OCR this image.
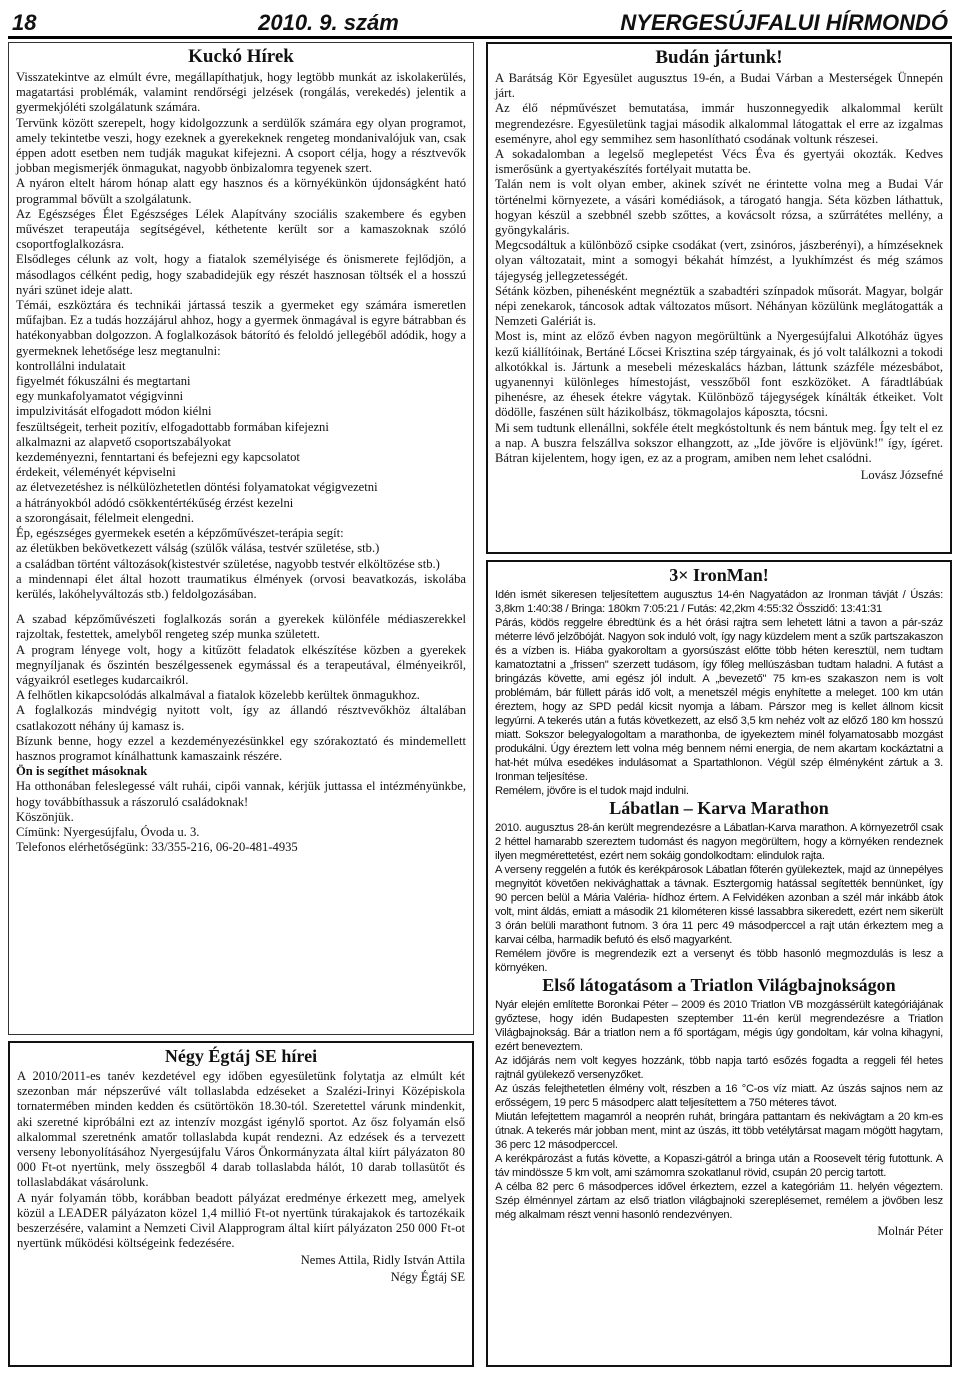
18	2010. 9. szám	NYERGESÚJFALUI HÍRMONDÓ
Kuckó Hírek

Visszatekintve az elmúlt évre, megállapíthatjuk, hogy legtöbb munkát az iskolakerülés, magatartási problémák, valamint rendőrségi jelzések (rongálás, verekedés) jelentik a gyermekjóléti szolgálatunk számára.

Tervünk között szerepelt, hogy kidolgozzunk a serdülők számára egy olyan programot, amely tekintetbe veszi, hogy ezeknek a gyerekeknek rengeteg mondanivalójuk van, csak éppen adott esetben nem tudják magukat kifejezni. A csoport célja, hogy a résztvevők jobban megismerjék önmagukat, nagyobb önbizalomra tegyenek szert.

A nyáron eltelt három hónap alatt egy hasznos és a környékünkön újdonságként ható programmal bővült a szolgálatunk.

Az Egészséges Élet Egészséges Lélek Alapítvány szociális szakembere és egyben művészet terapeutája segítségével, kéthetente került sor a kamaszoknak szóló csoportfoglalkozásra.

Elsődleges célunk az volt, hogy a fiatalok személyisége és önismerete fejlődjön, a másodlagos célként pedig, hogy szabadidejük egy részét hasznosan töltsék el a hosszú nyári szünet ideje alatt.

Témái, eszköztára és technikái jártassá teszik a gyermeket egy számára ismeretlen műfajban. Ez a tudás hozzájárul ahhoz, hogy a gyermek önmagával is egyre bátrabban és hatékonyabban dolgozzon. A foglalkozások bátorító és feloldó jellegéből adódik, hogy a gyermeknek lehetősége lesz megtanulni:

kontrollálni indulatait

figyelmét fókuszálni és megtartani

egy munkafolyamatot végigvinni

impulzivitását elfogadott módon kiélni

feszültségeit, terheit pozitív, elfogadottabb formában kifejezni

alkalmazni az alapvető csoportszabályokat

kezdeményezni, fenntartani és befejezni egy kapcsolatot

érdekeit, véleményét képviselni

az életvezetéshez is nélkülözhetetlen döntési folyamatokat végigvezetni

a hátrányokból adódó csökkentértékűség érzést kezelni

a szorongásait, félelmeit elengedni.

Ép, egészséges gyermekek esetén a képzőművészet-terápia segít:

az életükben bekövetkezett válság (szülők válása, testvér születése, stb.)

a családban történt változások(kistestvér születése, nagyobb testvér elköltözése stb.)

a mindennapi élet által hozott traumatikus élmények (orvosi beavatkozás, iskolába kerülés, lakóhelyváltozás stb.) feldolgozásában.

A szabad képzőművészeti foglalkozás során a gyerekek különféle médiaszerekkel rajzoltak, festettek, amelyből rengeteg szép munka született.

A program lényege volt, hogy a kitűzött feladatok elkészítése közben a gyerekek megnyíljanak és őszintén beszélgessenek egymással és a terapeutával, élményeikről, vágyaikról esetleges kudarcaikról.

A felhőtlen kikapcsolódás alkalmával a fiatalok közelebb kerültek önmagukhoz.

A foglalkozás mindvégig nyitott volt, így az állandó résztvevőkhöz általában csatlakozott néhány új kamasz is.

Bízunk benne, hogy ezzel a kezdeményezésünkkel egy szórakoztató és mindemellett hasznos programot kínálhattunk kamaszaink részére.

Ön is segíthet másoknak

Ha otthonában feleslegessé vált ruhái, cipői vannak, kérjük juttassa el intézményünkbe, hogy továbbíthassuk a rászoruló családoknak!

Köszönjük.

Címünk: Nyergesújfalu, Óvoda u. 3.

Telefonos elérhetőségünk: 33/355-216, 06-20-481-4935

Négy Égtáj SE hírei

A 2010/2011-es tanév kezdetével egy időben egyesületünk folytatja az elmúlt két szezonban már népszerűvé vált tollaslabda edzéseket a Szalézi-Irinyi Középiskola tornatermében minden kedden és csütörtökön 18.30-tól. Szeretettel várunk mindenkit, aki szeretné kipróbálni ezt az intenzív mozgást igénylő sportot. Az ősz folyamán első alkalommal szeretnénk amatőr tollaslabda kupát rendezni. Az edzések és a tervezett verseny lebonyolításához Nyergesújfalu Város Önkormányzata által kiírt pályázaton 80 000 Ft-ot nyertünk, mely összegből 4 darab tollaslabda hálót, 10 darab tollasütőt és tollaslabdákat vásárolunk.

A nyár folyamán több, korábban beadott pályázat eredménye érkezett meg, amelyek közül a LEADER pályázaton közel 1,4 millió Ft-ot nyertünk túrakajakok és tartozékaik beszerzésére, valamint a Nemzeti Civil Alapprogram által kiírt pályázaton 250 000 Ft-ot nyertünk működési költségeink fedezésére.

Nemes Attila, Ridly István Attila
Négy Égtáj SE
Budán jártunk!

A Barátság Kör Egyesület augusztus 19-én, a Budai Várban a Mesterségek Ünnepén járt.

Az élő népművészet bemutatása, immár huszonnegyedik alkalommal került megrendezésre. Egyesületünk tagjai második alkalommal látogattak el erre az izgalmas eseményre, ahol egy semmihez sem hasonlítható csodának voltunk részesei.

A sokadalomban a legelső meglepetést Vécs Éva és gyertyái okozták. Kedves ismerősünk a gyertyakészítés fortélyait mutatta be.

Talán nem is volt olyan ember, akinek szívét ne érintette volna meg a Budai Vár történelmi környezete, a vásári komédiások, a tárogató hangja. Séta közben láthattuk, hogyan készül a szebbnél szebb szőttes, a kovácsolt rózsa, a szűrrátétes mellény, a gyöngykaláris.

Megcsodáltuk a különböző csipke csodákat (vert, zsinóros, jászberényi), a hímzéseknek olyan változatait, mint a somogyi békahát hímzést, a lyukhímzést és még számos tájegység jellegzetességét.

Sétánk közben, pihenésként megnéztük a szabadtéri színpadok műsorát. Magyar, bolgár népi zenekarok, táncosok adtak változatos műsort. Néhányan közülünk meglátogatták a Nemzeti Galériát is.

Most is, mint az előző évben nagyon megörültünk a Nyergesújfalui Alkotóház ügyes kezű kiállítóinak, Bertáné Lőcsei Krisztina szép tárgyainak, és jó volt találkozni a tokodi alkotókkal is. Jártunk a mesebeli mézeskalács házban, láttunk százféle mézesbábot, ugyanennyi különleges hímestojást, vesszőből font eszközöket. A fáradtlábúak pihenésre, az éhesek étekre vágytak. Különböző tájegységek kínálták étkeiket. Volt dödölle, faszénen sült házikolbász, tökmagolajos káposzta, tócsni.

Mi sem tudtunk ellenállni, sokféle ételt megkóstoltunk és nem bántuk meg. Így telt el ez a nap. A buszra felszállva sokszor elhangzott, az „Ide jövőre is eljövünk!" így, ígéret. Bátran kijelentem, hogy igen, ez az a program, amiben nem lehet csalódni.

Lovász Józsefné
3× IronMan!

Idén ismét sikeresen teljesítettem augusztus 14-én Nagyatádon az Ironman távját / Úszás: 3,8km 1:40:38 / Bringa: 180km 7:05:21 / Futás: 42,2km 4:55:32 Összidő: 13:41:31

Párás, ködös reggelre ébredtünk és a hét órási rajtra sem lehetett látni a tavon a pár-száz méterre lévő jelzőbóját. Nagyon sok induló volt, így nagy küzdelem ment a szűk partszakaszon és a vízben is. Hiába gyakoroltam a gyorsúszást előtte több héten keresztül, nem tudtam kamatoztatni a „frissen" szerzett tudásom, így főleg mellúszásban tudtam haladni. A futást a bringázás követte, ami egész jól indult. A „bevezető" 75 km-es szakaszon nem is volt problémám, bár füllett párás idő volt, a menetszél mégis enyhítette a meleget. 100 km után éreztem, hogy az SPD pedál kicsit nyomja a lábam. Párszor meg is kellet állnom kicsit legyúrni. A tekerés után a futás következett, az első 3,5 km nehéz volt az előző 180 km hosszú miatt. Sokszor belegyalogoltam a marathonba, de igyekeztem minél folyamatosabb mozgást produkálni. Úgy éreztem lett volna még bennem némi energia, de nem akartam kockáztatni a hat-hét múlva esedékes indulásomat a Spartathlonon. Végül szép élményként zártuk a 3. Ironman teljesítése.

Remélem, jövőre is el tudok majd indulni.

Lábatlan – Karva Marathon

2010. augusztus 28-án került megrendezésre a Lábatlan-Karva marathon. A környezetről csak 2 héttel hamarabb szereztem tudomást és nagyon megörültem, hogy a környéken rendeznek ilyen megmérettetést, ezért nem sokáig gondolkodtam: elindulok rajta.

A verseny reggelén a futók és kerékpárosok Lábatlan főterén gyülekeztek, majd az ünnepélyes megnyitót követően nekivághattak a távnak. Esztergomig hatással segítették bennünket, így 90 percen belül a Mária Valéria- hídhoz értem. A Felvidéken azonban a szél már inkább átok volt, mint áldás, emiatt a második 21 kilométeren kissé lassabbra sikeredett, ezért nem sikerült 3 órán belüli marathont futnom. 3 óra 11 perc 49 másodperccel a rajt után érkeztem meg a karvai célba, harmadik befutó és első magyarként.

Remélem jövőre is megrendezik ezt a versenyt és több hasonló megmozdulás is lesz a környéken.

Első látogatásom a Triatlon Világbajnokságon

Nyár elején említette Boronkai Péter – 2009 és 2010 Triatlon VB mozgássérült kategóriájának győztese, hogy idén Budapesten szeptember 11-én kerül megrendezésre a Triatlon Világbajnokság. Bár a triatlon nem a fő sportágam, mégis úgy gondoltam, kár volna kihagyni, ezért beneveztem.

Az időjárás nem volt kegyes hozzánk, több napja tartó esőzés fogadta a reggeli fél hetes rajtnál gyülekező versenyzőket.

Az úszás felejthetetlen élmény volt, részben a 16 °C-os víz miatt. Az úszás sajnos nem az erősségem, 19 perc 5 másodperc alatt teljesítettem a 750 méteres távot.

Miután lefejtettem magamról a neoprén ruhát, bringára pattantam és nekivágtam a 20 km-es útnak. A tekerés már jobban ment, mint az úszás, itt több vetélytársat magam mögött hagytam, 36 perc 12 másodperccel.

A kerékpározást a futás követte, a Kopaszi-gátról a bringa után a Roosevelt térig futottunk. A táv mindössze 5 km volt, ami számomra szokatlanul rövid, csupán 20 percig tartott.

A célba 82 perc 6 másodperces idővel érkeztem, ezzel a kategóriám 11. helyén végeztem. Szép élménnyel zártam az első triatlon világbajnoki szereplésemet, remélem a jövőben lesz még alkalmam részt venni hasonló rendezvényen.

Molnár Péter
